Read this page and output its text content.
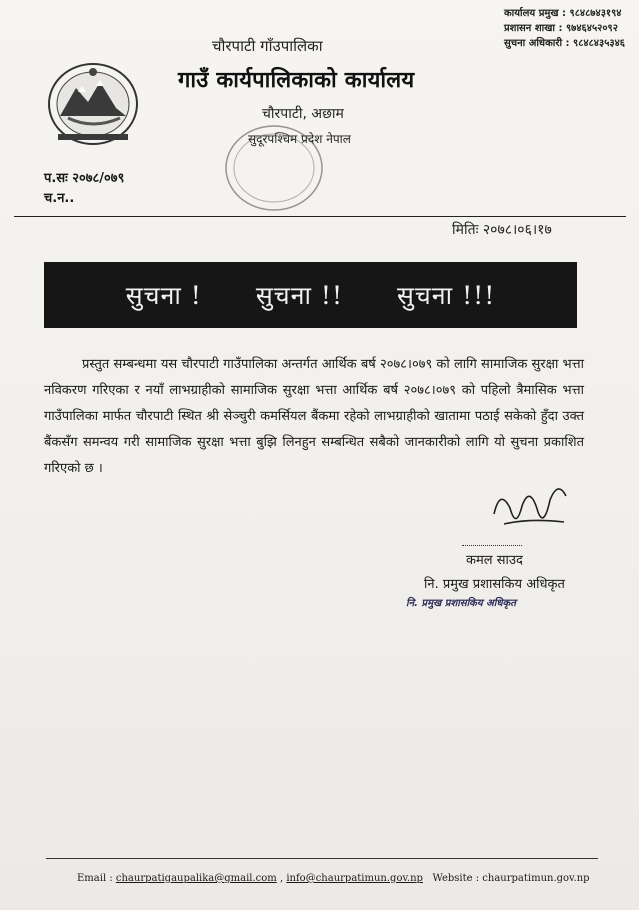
कार्यालय प्रमुख : ९८४८७४३१९४
प्रशासन शाखा : ९७४६४५२०९२
सुचना अधिकारी : ९८४८४३५३४६
चौरपाटी गाँउपालिका
गाउँ कार्यपालिकाको कार्यालय
चौरपाटी, अछाम
सुदूरपश्चिम प्रदेश नेपाल
प.सः २०७८/०७९
च.न..
मितिः २०७८।०६।१७
सुचना ! सुचना !! सुचना !!!
प्रस्तुत सम्बन्धमा यस चौरपाटी गाउँपालिका अन्तर्गत आर्थिक बर्ष २०७८।०७९ को लागि सामाजिक सुरक्षा भत्ता नविकरण गरिएका र नयाँ लाभग्राहीको सामाजिक सुरक्षा भत्ता आर्थिक बर्ष २०७८।०७९ को पहिलो त्रैमासिक भत्ता गाउँपालिका मार्फत चौरपाटी स्थित श्री सेञ्चुरी कमर्सियल बैंकमा रहेको लाभग्राहीको खातामा पठाई सकेको हुँदा उक्त बैंकसँग समन्वय गरी सामाजिक सुरक्षा भत्ता बुझि लिनहुन सम्बन्धित सबैको जानकारीको लागि यो सुचना प्रकाशित गरिएको छ ।
कमल साउद
नि. प्रमुख प्रशासकिय अधिकृत
नि. प्रमुख प्रशासकिय अधिकृत
Email : chaurpatigaupalika@gmail.com , info@chaurpatimun.gov.np   Website : chaurpatimun.gov.np
